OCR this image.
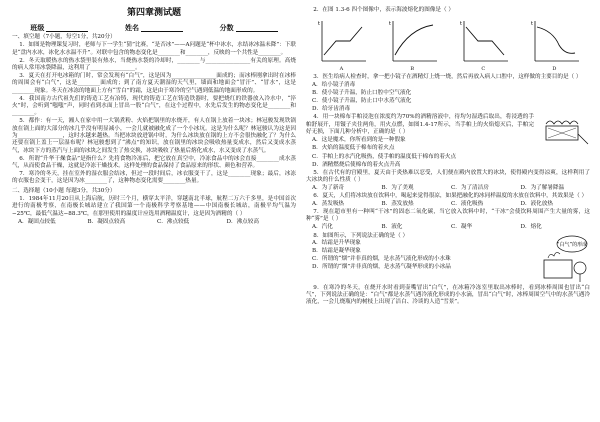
第四章测试题
班级	姓名	分数
一、填空题（7小题，每空1分，共20分）

1．如图是物理课复习时，老师与下一学生“猜”比赛，“是否冰”——A问题是“杯中冰水，水结冰冰温未降”：下联是“盘内水冰，冰化水水温不升”。对联中包含的物态变化是________和________，反映的一个共性是________。

2．冬天取暖热水的热水袋里装有热水，当烧热水袋的冷却时，________与________________有关的原理。高烧的病人常用冰袋降温，这利用了________________。

3．夏天在打开电冰箱的门时，常会发现有“白气”，这是因为________________面成的；而冰棒刚拿出时在冰棒的周围会有“白气”，这是________面成的；到了南方夏天潮湿的天气里，墙面和地面会“冒汗”、“冒水”，这是________现象。冬天在冰冻的地面上方有“雪白”的霜，这是由于寒冷的空气遇到低温的地面形成的。

4．我国南方古代祖先们的铸造工艺有冶铸，现代的铸造工艺在铸造铁器时，要把烧红的铁器放入冷水中，“淬火”时，会听到“嗤嗤”声，同时看到水面上冒出一股“白气”，在这个过程中，水先后发生的物态变化是________和________。

5．都作：有一天，湘人在家中用一大锅煮粉、火焰把锅里的水烧开，有人在锅上放着一块冰；林冠骏发现铁锅放在锅上面的大部分的冰几乎没有明显减小，一会儿就被融化成了一个小冰坑。这是为什么呢？林冠骏认为这是因为________________，这时水越来越热。当把冰块放进锅中时，为什么冰块放在锅的上方不会很快融化了？为什么还要在锅上盖上一层湿布呢？林冠骏想到了“沸点”的知识，放在锅里的冰块会吸收热量变成水，然后又变成水蒸气，冰块下方的蒸汽与上面的冰块之间发生了热交换，冰块吸收了热量后熔化成水，水又变成了水蒸气。

6．所谓“升华干燥食品”是指什么？先将食物冷冻后，把它放在真空中，冷冻食品中的冰会直接________成水蒸气，从而使食品干燥，这就是冷冻干燥技术。这样处理的食品保持了食品原来的形状、颜色和营养。

7．寒冷的冬天，挂在室外的湿衣服会结冰，但过一段时间后，冰衣服变干了，这是________现象；最后，冰冻的衣服也会变干，这是因为冰________了，这种物态变化需要________热量。

二、选择题（10小题 每题3分，共30分）

1．1984年11月20日从上海启航，历时三个月，横穿太平洋，穿越南北半球，航程二万六千多里，是中国首次进行的南极考察，在南极长城站建立了我国第一个南极科学考察基地——中国南极长城站，南极平均气温为−25℃，最低气温达−88.3℃，在那里使用的温度计应选用酒精温度计，这是因为酒精的（ ）

A．凝固点较低	B．凝固点较高	C．沸点较低	D．沸点较高

2．在图 1.3-6 四个图像中，表示海波熔化的图像是（ ）

t	t	t	t
A	B	C	D

3．医生给病人检查时，拿一把小镜子在酒精灯上烧一烧，然后再放入病人口腔中，这样做的主要目的是（ ）

A．给小镜子消毒

B．使小镜子升温，防止口腔中空气液化

C．使小镜子升温，防止口中水蒸气液化

D．给牙齿消毒

4．用一块棉布手帕浸泡在浓度约为70%的酒精溶液中，待均匀湿透后取出，将浸透的手帕舒展开，用镊子夹住两角，用火点燃，如图1.4-17所示，当手帕上的火焰熄灭后，手帕完好无损，下面几种分析中，正确的是（ ）

A．这是魔术，你所看到的是一种假象

B．火焰的温度低于棉布的着火点

C．手帕上的水汽化吸热，使手帕的温度低于棉布的着火点

D．酒精燃烧后使棉布的着火点升高

5．在古代有的宫殿里，夏天由于炎热难以忍受，人们便在殿内放置大的冰块，使得殿内变得凉爽，这样利用了大冰块的什么性质（ ）

A．为了新奇	B．为了美观	C．为了清洁房	D．为了解暑降温

6．夏天，人们将冰块放在饮料中，喝起来觉得很凉，如果把融化的冰同样温度的水放在饮料中，其效果是（ ）

A．蒸发吸热	B．蒸发放热	C．液化吸热	D．液化放热

7．现在超市里有一种叫“干冰”的固态二氧化碳，当它放入饮料中时，“干冰”会使饮料周围产生大量的雾，这种“雾”是（ ）

A．汽化	B．液化	C．凝华	D．熔化

8．如图所示，下列说法正确的是（ ）

A．结霜是升华现象

B．结霜是凝华现象

C．所谓的“烟”并非真的烟，是水蒸气液化形成的小水珠

D．所谓的“烟”并非真的烟，是水蒸气凝华形成的小冰晶

“白气”的形成

9．在寒冷的冬天，在烧开水时看到壶嘴冒出“白气”，在冰箱冷冻室里取出冰棒时，看到冰棒周围也冒出“白气”，下列说法正确的是：“白气”都是水蒸气遇冷液化形成的小水滴，冒出“白气”时，冰棒周围空气中的水蒸气遇冷液化，一会儿烧瓶内的树枝上出现了洁白、冷谈的人造“雪景”。
